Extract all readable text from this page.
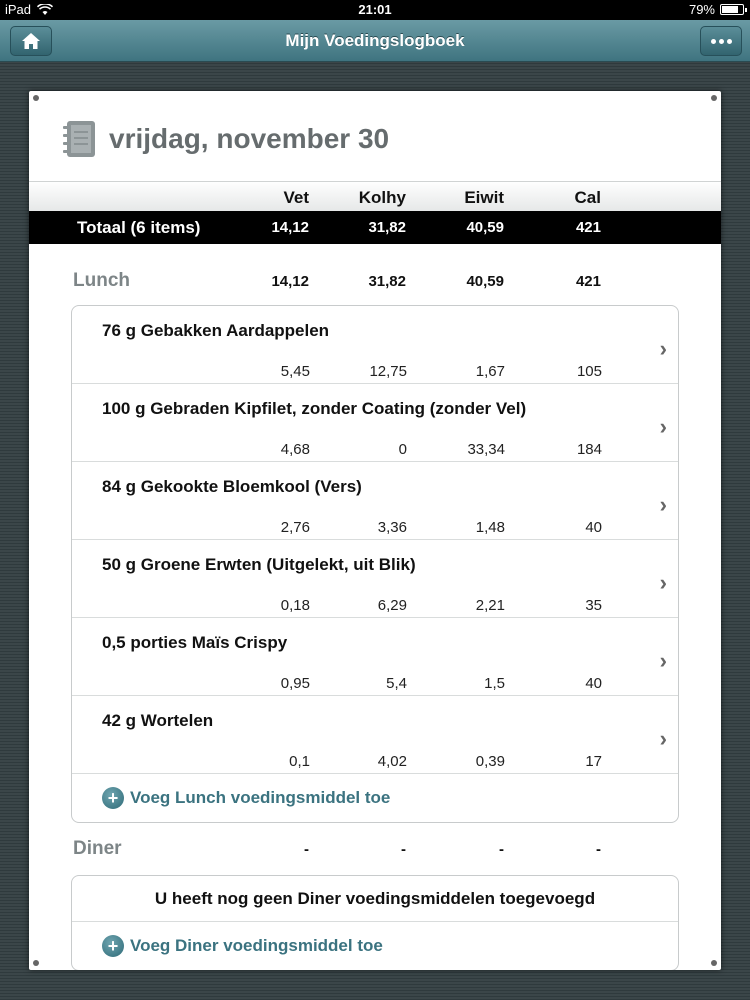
iPad	21:01	79%
Mijn Voedingslogboek
vrijdag, november 30
Vet	Kolhy	Eiwit	Cal
Totaal (6 items)	14,12	31,82	40,59	421
Lunch	14,12	31,82	40,59	421
76 g Gebakken Aardappelen
5,45	12,75	1,67	105
›
100 g Gebraden Kipfilet, zonder Coating (zonder Vel)
4,68	0	33,34	184
›
84 g Gekookte Bloemkool (Vers)
2,76	3,36	1,48	40
›
50 g Groene Erwten (Uitgelekt, uit Blik)
0,18	6,29	2,21	35
›
0,5 porties Maïs Crispy
0,95	5,4	1,5	40
›
42 g Wortelen
0,1	4,02	0,39	17
›
+ Voeg Lunch voedingsmiddel toe
Diner	-	-	-	-
U heeft nog geen Diner voedingsmiddelen toegevoegd
+ Voeg Diner voedingsmiddel toe
